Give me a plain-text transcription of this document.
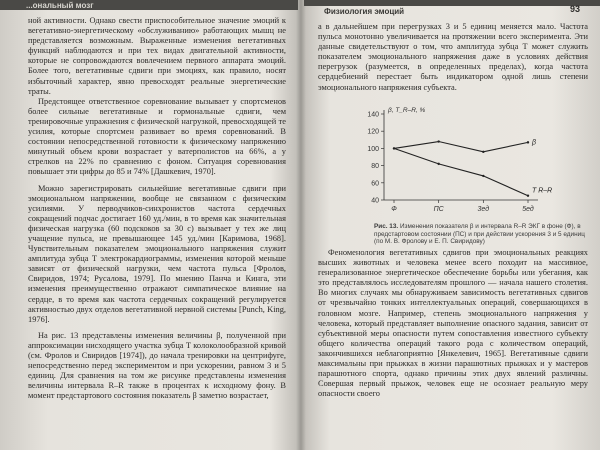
...ональный мозг

ной активности. Однако свести приспособительное значение эмоций к вегетативно-энергетическому «обслуживанию» работающих мышц не представляется возможным. Выраженные изменения вегетативных функций наблюдаются и при тех видах двигательной активности, которые не сопровождаются вовлечением первного аппарата эмоций. Более того, вегетативные сдвиги при эмоциях, как правило, носят избыточный характер, явно превосходят реальные энергетические траты.

Предстоящее ответственное соревнование вызывает у спортсменов более сильные вегетативные и гормональные сдвиги, чем тренировочные упражнения с физической нагрузкой, превосходящей те усилия, которые спортсмен развивает во время соревнований. В состоянии непосредственной готовности к физическому напряжению минутный объем крови возрастает у ватерполистов на 66%, а у стрелков на 22% по сравнению с фоном. Ситуация соревнования повышает эти цифры до 85 и 74% [Дашкевич, 1970].

Можно зарегистрировать сильнейшие вегетативные сдвиги при эмоциональном напряжении, вообще не связанном с физическим усилиями. У перводчиков-синхронистов частота сердечных сокращений подчас достигает 160 уд./мин, в то время как значительная физическая нагрузка (60 подскоков за 30 с) вызывает у тех же лиц учащение пульса, не превышающее 145 уд./мин [Каримова, 1968]. Чувствительным показателем эмоционального напряжения служит амплитуда зубца T электрокардиограммы, изменения которой меньше зависят от физической нагрузки, чем частота пульса [Фролов, Свиридов, 1974; Русалова, 1979]. По мнению Панча и Кинга, эти изменения преимущественно отражают симпатическое влияние на сердце, в то время как частота сердечных сокращений регулируется активностью двух отделов вегетативной нервной системы [Punch, King, 1976].

На рис. 13 представлены изменения величины β, полученной при аппроксимации нисходящего участка зубца T колоколообразной кривой (см. Фролов и Свиридов [1974]), до начала тренировки на центрифуге, непосредственно перед экспериментом и при ускорении, равном 3 и 5 единиц. Для сравнения на том же рисунке представлены изменения величины интервала R–R также в процентах к исходному фону. В момент предстартового состояния показатель β заметно возрастает,

Физиология эмоций	93

а в дальнейшем при перегрузках 3 и 5 единиц меняется мало. Частота пульса монотонно увеличивается на протяжении всего эксперимента. Эти данные свидетельствуют о том, что амплитуда зубца T может служить показателем эмоционального напряжения даже в условиях действия перегрузок (разумеется, в определенных пределах), когда частота сердцебиений перестает быть индикатором одной лишь степени эмоционального напряжения субъекта.

40
60
80
100
120
140
β, T_R–R, %
Ф	ПС	3ед	5ед
β
T R–R
Рис. 13. Изменения показателя β и интервала R–R ЭКГ в фоне (Ф), в предстартовом состоянии (ПС) и при действии ускорения 3 и 5 единиц (по М. В. Фролову и Е. П. Свиридову)

Феноменология вегетативных сдвигов при эмоциональных реакциях высших животных и человека менее всего походит на массивное, генерализованное энергетическое обеспечение борьбы или убегания, как это представлялось исследователям прошлого — начала нашего столетия. Во многих случаях мы обнаруживаем зависимость вегетативных сдвигов от чрезвычайно тонких интеллектуальных операций, совершающихся в головном мозге. Например, степень эмоционального напряжения у человека, который представляет выполнение опасного задания, зависит от субъективной меры опасности путем сопоставления известного субъекту общего количества операций такого рода с количеством операций, закончившихся неблагоприятно [Янкелевич, 1965]. Вегетативные сдвиги максимальны при прыжках в жизни парашютных прыжках и у мастеров парашютного спорта, однако причины этих двух явлений различны. Совершая первый прыжок, человек еще не осознает реальную меру опасности своего
